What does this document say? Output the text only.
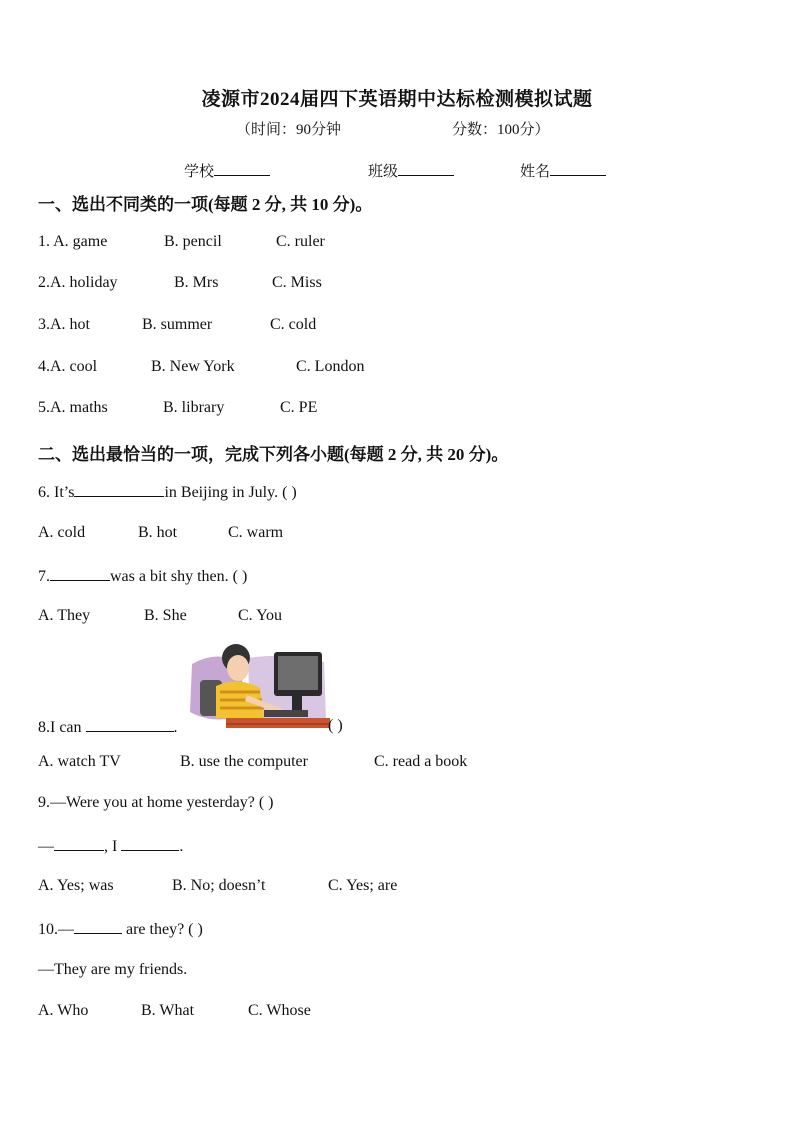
凌源市2024届四下英语期中达标检测模拟试题
（时间：90分钟	分数：100分）
学校	班级	姓名
一、选出不同类的一项(每题 2 分, 共 10 分)。
1. A. game	B. pencil	C. ruler
2.A. holiday	B. Mrs	C. Miss
3.A. hot	B. summer	C. cold
4.A. cool	B. New York	C. London
5.A. maths	B. library	C. PE
二、选出最恰当的一项，完成下列各小题(每题 2 分, 共 20 分)。
6. It’s	in Beijing in July. ( )
A. cold	B. hot	C. warm
7.	was a bit shy then. ( )
A. They	B. She	C. You
8.I can	.	( )
A. watch TV	B. use the computer	C. read a book
9.—Were you at home yesterday? ( )
—	, I	.
A. Yes; was	B. No; doesn’t	C. Yes; are
10.—	are they? ( )
—They are my friends.
A. Who	B. What	C. Whose
